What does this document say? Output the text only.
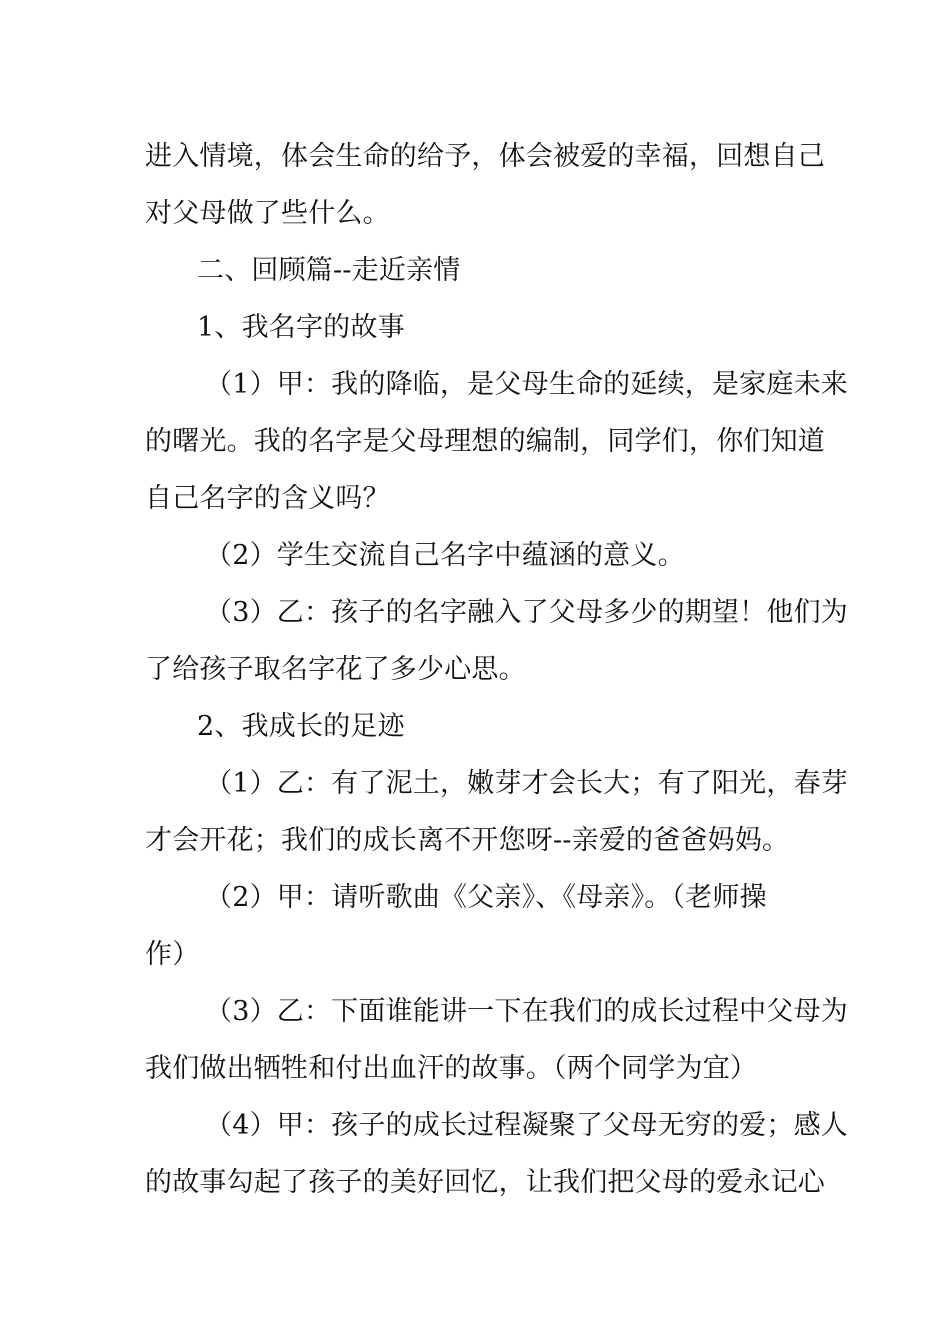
进入情境，体会生命的给予，体会被爱的幸福，回想自己
对父母做了些什么。
二、回顾篇--走近亲情
1、我名字的故事
（1）甲：我的降临，是父母生命的延续，是家庭未来
的曙光。我的名字是父母理想的编制，同学们，你们知道
自己名字的含义吗？
（2）学生交流自己名字中蕴涵的意义。
（3）乙：孩子的名字融入了父母多少的期望！他们为
了给孩子取名字花了多少心思。
2、我成长的足迹
（1）乙：有了泥土，嫩芽才会长大；有了阳光，春芽
才会开花；我们的成长离不开您呀--亲爱的爸爸妈妈。
（2）甲：请听歌曲《父亲》、《母亲》。（老师操
作）
（3）乙：下面谁能讲一下在我们的成长过程中父母为
我们做出牺牲和付出血汗的故事。（两个同学为宜）
（4）甲：孩子的成长过程凝聚了父母无穷的爱；感人
的故事勾起了孩子的美好回忆，让我们把父母的爱永记心
